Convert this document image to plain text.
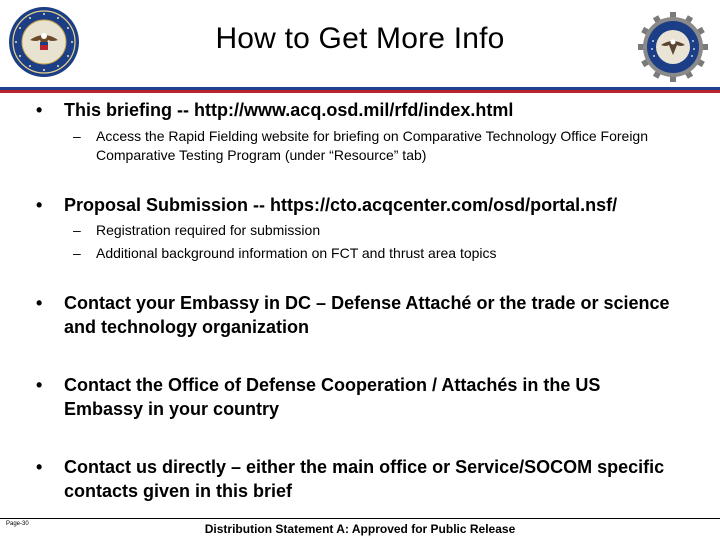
How to Get More Info
• This briefing -- http://www.acq.osd.mil/rfd/index.html
– Access the Rapid Fielding website for briefing on Comparative Technology Office Foreign Comparative Testing Program (under “Resource” tab)
• Proposal Submission -- https://cto.acqcenter.com/osd/portal.nsf/
– Registration required for submission
– Additional background information on FCT and thrust area topics
• Contact your Embassy in DC – Defense Attaché or the trade or science and technology organization
• Contact the Office of Defense Cooperation / Attachés in the US Embassy in your country
• Contact us directly – either the main office or Service/SOCOM specific contacts given in this brief
Page-30	Distribution Statement A: Approved for Public Release
